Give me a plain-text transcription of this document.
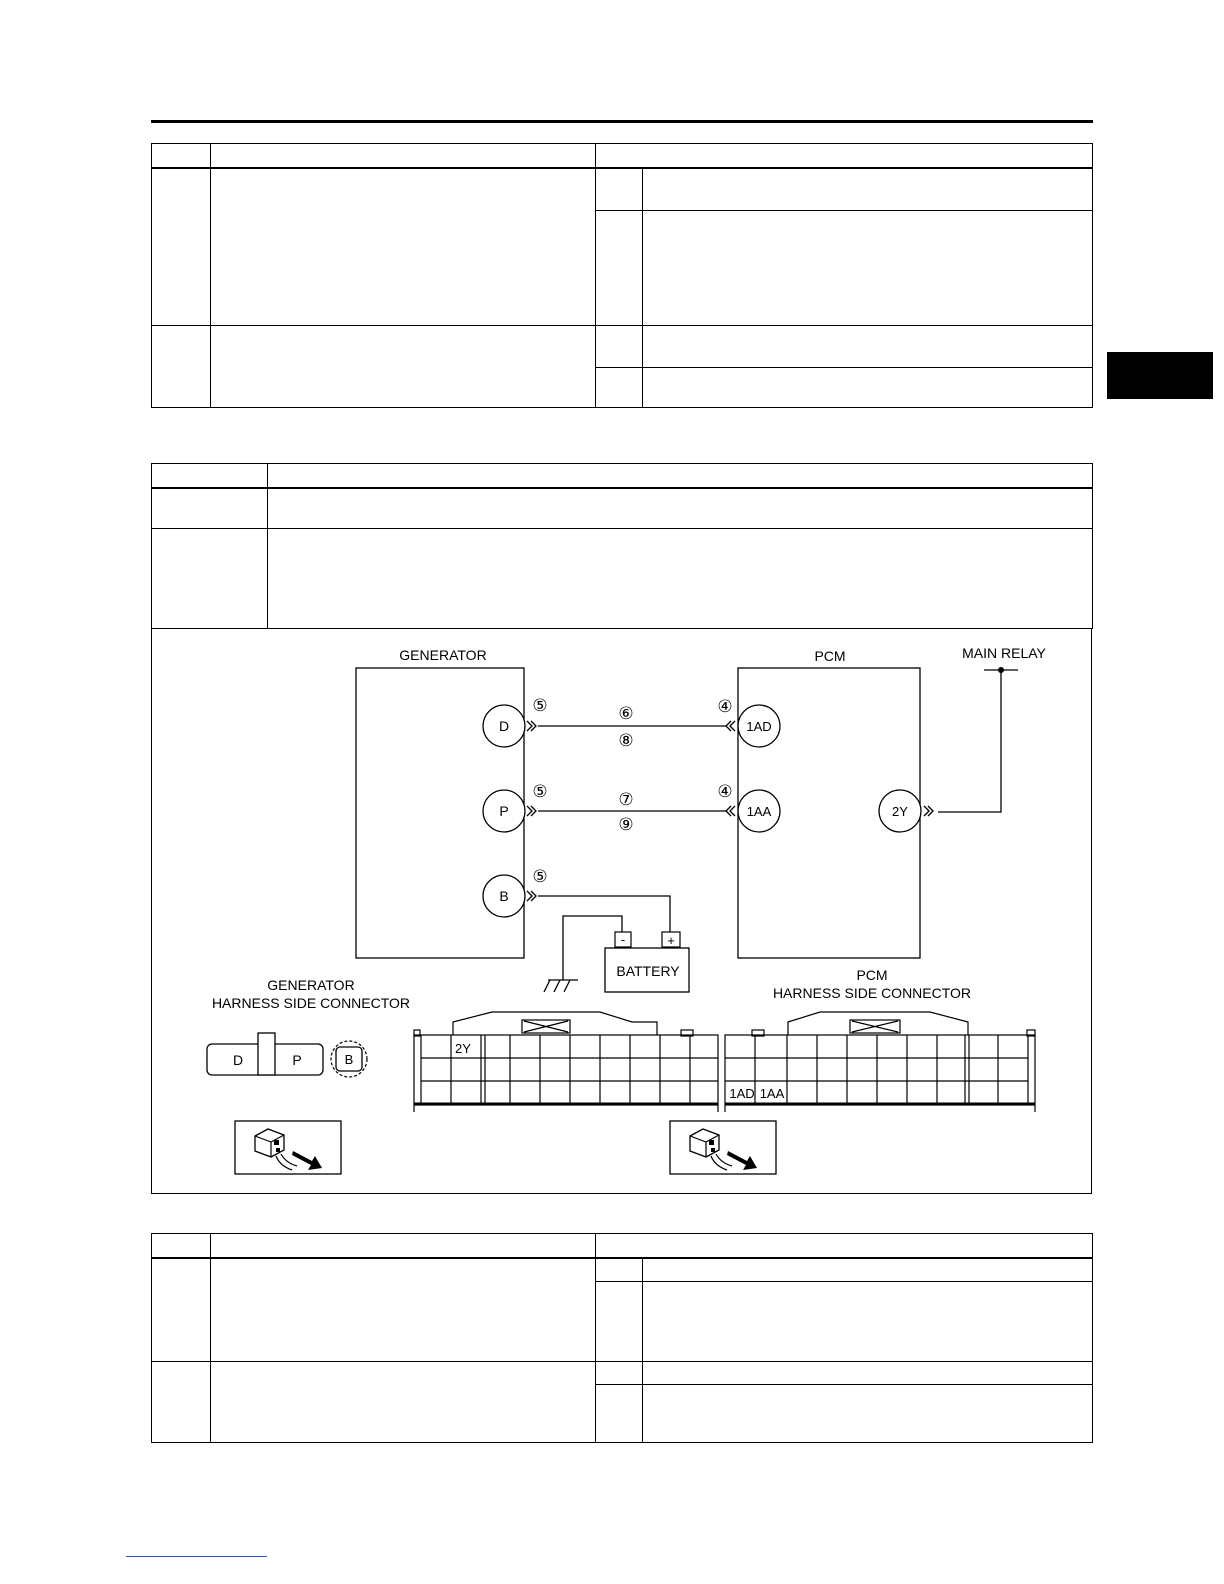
GENERATOR	PCM	MAIN RELAY
D
P
B
1AD
1AA	2Y
⑤
⑤
⑤
④
④
⑥
⑧
⑦
⑨
BATTERY
-	+
GENERATOR
HARNESS SIDE CONNECTOR
PCM
HARNESS SIDE CONNECTOR
D	P	B
2Y
1AD 1AA
